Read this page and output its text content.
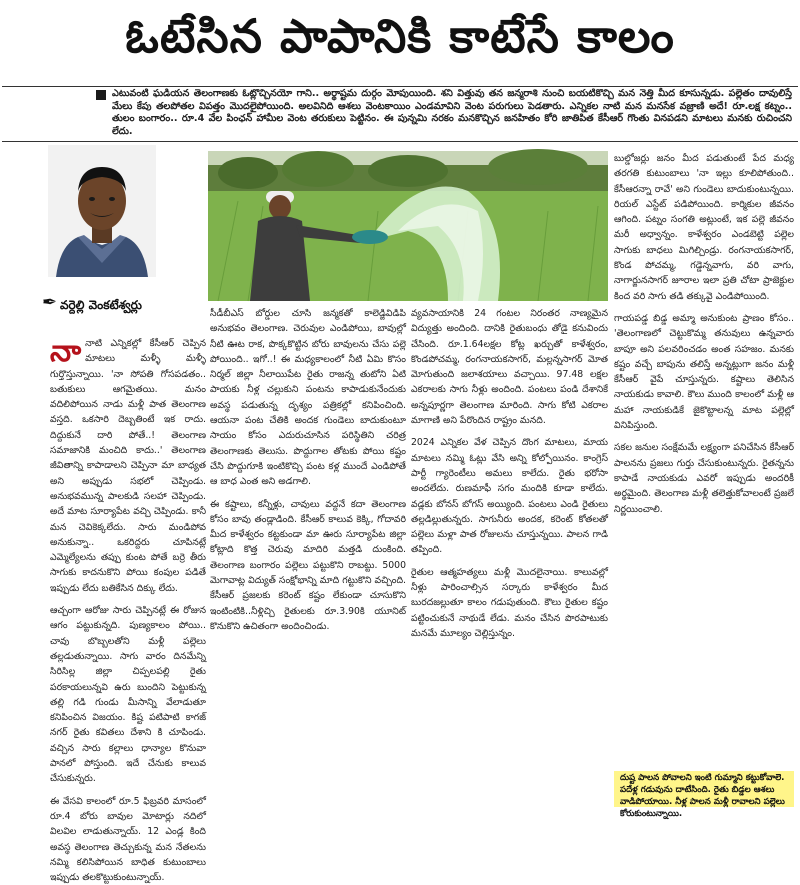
ఓటేసిన పాపానికి కాటేసే కాలం
ఎటువంటి ఘడియన తెలంగాణకు ఓట్లొచ్చినయో గాని.. అర్థాష్టమ దుర్గం మోపుయింది. శని విత్తువు తన జన్మరాశి నుంచి బయటికొచ్చి మన నెత్తి మీద కూసున్నడు. పల్లెతం దావులిస్తే మేలు కేపు తలపోతల విపత్తం మొదలైపోయింది. అలవినిది ఆశలు వెంటకాయిం ఎండమావిని వెంట పరుగులు పెడతారు. ఎన్నికల నాటి మన మనసేక వజ్రాణి అదే! రూ.లక్ష కట్నం.. తులం బంగారం.. రూ.4 వేల పింఛన్ హామీల వెంట తరుకులు పెట్టినం. ఈ పున్నమి నరకం మనకొచ్చిన జనహితం కోరి జాతిపిత కేసీఆర్ గొంతు వినపడని మాటలు మనకు రుచించని లేదు.
✒ వర్దెల్లి వెంకటేశ్వర్లు

నానాటి ఎన్నికల్లో కేసీఆర్ చెప్పిన మాటలు మళ్ళీ మళ్ళీ గుర్తొస్తున్నాయి. 'నా సోపతి గోసపడతం.. బతుకులు ఆగమైతయి. మనం వదిలిపోయిన నాడు మళ్లీ పాత తెలంగాణ వస్తది. ఒకసారి దెబ్బతింటే ఇక రాదు. దిద్దుకునే దారి పోతే..! తెలంగాణ సమాజానికి మంచిది కాదు..' తెలంగాణ జీవితాన్ని కాపాడాలని చెప్పినా మా బాధ్యత అని అప్పుడు సభలో చెప్పిండు. అనుభవమున్న పాలకుడి సలహా చెప్పిండు. అదే మాట సూర్యాపేట వచ్చి చెప్పిండు. కానీ మన చెవికెక్కలేదు. సారు మండిపోవ అనుకున్నా.. ఒకరిద్దరు చూపినట్లే ఎమ్మెల్యేలను తప్పు కుంట పోతే బర్రె తీరు సాగుకు కాదనుకొని పోయి కంపుల పడితే ఇప్పుడు లేదు బతికేసిన దిక్కు లేదు.

ఆచ్చంగా ఆరోజు సారు చెప్పినట్లే ఈ రోజున ఆగం పట్టుకున్నది. పుణ్యకాలం పోయి.. చావు బొబ్బలతోని మళ్లీ పల్లెలు తల్లడుతున్నాయి. సాగు వారం దినమేన్ని సిరిసిల్ల జిల్లా చిప్పలపల్లి రైతు పరకాయలున్నవి ఉరు బుందిని పెట్టుకున్న తల్లి గడి గుండు మీసాన్ని వేలాడుతూ కనిపించిన విజయం. కిష్ట పటిపాటి కాగజ్ నగర్ రైతు కవితలు దేశాని కి చూపిండు. వచ్చిన సారు కల్లాలు ధాన్యాల కొనువా పానలో పోస్తుంది. ఇదే చేనుకు కాలువ చేసుకున్నరు.

ఈ వేసవి కాలంలో రూ.5 ఫిబ్రవరి మాసంలో రూ.4 బోరు బావుల మోటార్లు నదిలో విలవిల లాడుతున్నాయ్. 12 ఎండ్ల కింది అవస్థ తెలంగాణ తెచ్చుకున్న మన నేతలను నమ్మి కలిసిపోయిన బాధిత కుటుంబాలు ఇప్పుడు తలకొట్టుకుంటున్నాయ్.

సీడీబీఎస్ బోర్డుల చూసి జన్మకతో కాలెడ్జివిడిపి అనుభవం తెలంగాణ. చెరువుల ఎండిపోయి, బావుల్లో నీటి ఊట రాక, పొక్కకొట్టిన బోరు బావులను చేసు పల్లె పోయింది.. ఇగో..! ఈ మధ్యకాలంలో నీటి ఏమి కొసం నిర్మల్ జిల్లా నీలాయిపేట రైతు రాజన్న తుటోని ఏటి పాయకు నీళ్ల చల్లుకుని పంటను కాపాడుకునేందుకు అవస్థ పడుతున్న దృశ్యం పత్రికల్లో కనిపించింది. ఆయనా పంట చేతికి అందక గుండెలు బాదుకుంటూ సాయం కోసం ఎదురుచూసిన పరిస్థితిని చరిత్ర తెలంగాణకు తెలుసు. పొద్దుగాల తోటకు పోయి కష్టం చేసి పొద్దుగూకి ఇంటికొచ్చి పంట కళ్ల ముందే ఎండిపోతే ఆ బాధ ఎంత అని అడగాలి.

ఈ కష్టాలు, కన్నీళ్లు, చావులు వద్దనే కదా తెలంగాణ కోసం బావు తండ్లాడింది. కేసీఆర్ కాలువ కెక్కి, గోదావరి మీద కాళేశ్వరం కట్టకుండా మా ఊరు సూర్యాపేట జిల్లా కోట్లాది కొత్త చెరువు మాదిరి మత్తడి దుంకింది. తెలంగాణ బంగారం పల్లెలు పట్టుకొని రాబట్టు. 5000 మెగావాట్ల విద్యుత్ సంక్షోభాన్ని మాది గట్టుకొని వచ్చింది. కేసీఆర్ ప్రజలకు కరెంట్ కష్టం లేకుండా చూసుకొని ఇంటింటికి..నీళ్లిచ్చి రైతులకు రూ.3.90కి యూనిట్ కొనుకొని ఉచితంగా అందించిండు.

వ్యవసాయానికి 24 గంటల నిరంతర నాణ్యమైన విద్యుత్తు అందింది. దానికి రైతుబంధు తోడై కనువిందు చేసింది. రూ.1.64లక్షల కోట్ల ఖర్చుతో కాళేశ్వరం, కొండపోచమ్మ, రంగనాయకసాగర్, మల్లన్నసాగర్ మోత మోగుతుంది జలాశయాలు వచ్చాయి. 97.48 లక్షల ఎకరాలకు సాగు నీళ్లు అందింది. పంటలు పండి దేశానికే అన్నపూర్ణగా తెలంగాణ మారింది. సాగు కోటి ఎకరాల మాగాణి అని పేరొందిన రాష్ట్రం మనది.

2024 ఎన్నికల వేళ చెప్పిన దొంగ మాటలు, మాయ మాటలు నమ్మి ఓట్లు వేసి అన్ని కోల్పోయినం. కాంగ్రెస్ పార్టీ గ్యారెంటీలు అమలు కాలేదు. రైతు భరోసా అందలేదు. రుణమాఫీ సగం మందికి కూడా కాలేదు. వడ్లకు బోనస్ బోగస్ అయ్యింది. పంటలు ఎండి రైతులు తల్లడిల్లుతున్నరు. సాగునీరు అందక, కరెంట్ కోతలతో పల్లెలు మళ్లా పాత రోజులను చూస్తున్నయి. పాలన గాడి తప్పింది.

రైతుల ఆత్మహత్యలు మళ్లీ మొదలైనాయి. కాలువల్లో నీళ్లు పారించాల్సిన సర్కారు కాళేశ్వరం మీద బురదజల్లుతూ కాలం గడుపుతుంది. కౌలు రైతుల కష్టం పట్టించుకునే నాథుడే లేడు. మనం చేసిన పొరపాటుకు మనమే మూల్యం చెల్లిస్తున్నం.

బుల్డోజర్లు జనం మీద పడుతుంటే పేద మధ్య తరగతి కుటుంబాలు 'నా ఇల్లు కూలిపోతుంది.. కేసీఆరన్నా రావే' అని గుండెలు బాదుకుంటున్నయి. రియల్ ఎస్టేట్ పడిపోయింది. కార్మికుల జీవనం ఆగింది. పట్నం సంగతి అట్లుంటే, ఇక పల్లె జీవనం మరీ అధ్వాన్నం. కాళేశ్వరం ఎండబెట్టి పల్లెల సాగుకు బాధలు మిగిల్చిండ్రు. రంగనాయకసాగర్, కొండ పోచమ్మ, గడ్డెన్నవాగు, వరి వాగు, నాగార్జునసాగర్ జూరాల ఇలా ప్రతి చోటా ప్రాజెక్టుల కింద వరి సాగు తడి తక్కువై ఎండిపోయింది.

గాయపడ్డ బిడ్డ అమ్మా అనుకుంట ప్రాణం కోసం.. 'తెలంగాణలో చెట్టుకొమ్మ తనువులు ఉన్నవారు బాపూ అని పలవరించడం అంత సహజం. మనకు కష్టం వచ్చే బాపును తలిస్తే అన్నట్లుగా జనం మళ్లీ కేసీఆర్ వైపే చూస్తున్నరు. కష్టాలు తెలిసిన నాయకుడు కావాలి. కౌలు ముంది కాలంలో మళ్లీ ఆ మహా నాయకుడికే జైకొట్టాలన్న మాట పల్లెల్లో వినిపిస్తుంది.

సకల జనుల సంక్షేమమే లక్ష్యంగా పనిచేసిన కేసీఆర్ పాలనను ప్రజలు గుర్తు చేసుకుంటున్నరు. రైతన్నను కాపాడే నాయకుడు ఎవరో ఇప్పుడు అందరికీ అర్థమైంది. తెలంగాణ మళ్లీ తలెత్తుకోవాలంటే ప్రజలే నిర్ణయించాలి.

దుష్ట పాలన పోవాలని ఇంటి గుమ్మాని కట్టుకోవాలె. పదేళ్ల గడువును దాటేసింది. రైతు బిడ్డల ఆశలు వాడిపోయాయి. నీళ్ల పాలన మళ్లీ రావాలని పల్లెలు కోరుకుంటున్నాయి.
